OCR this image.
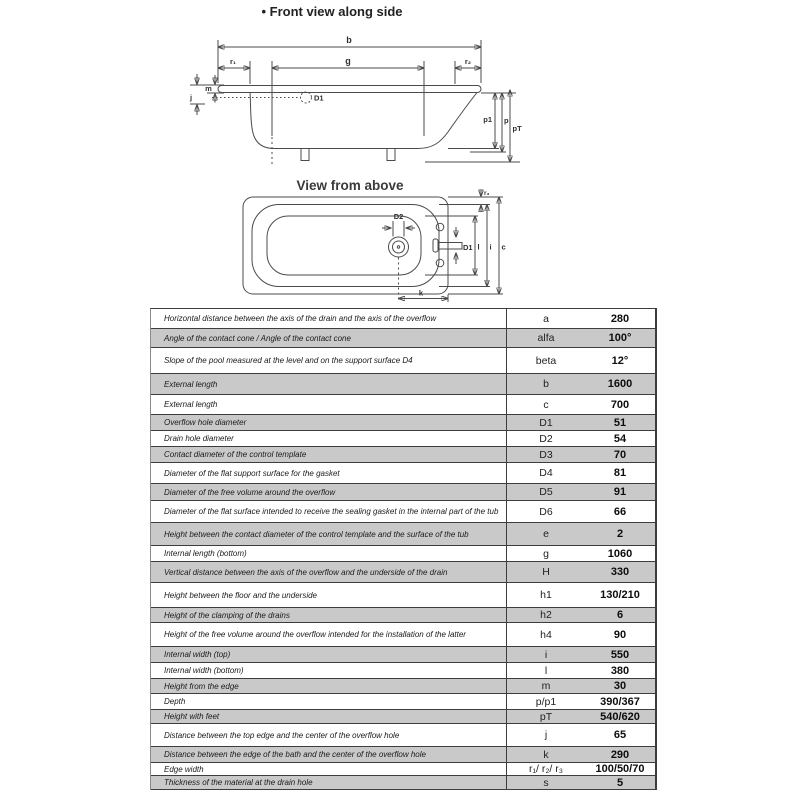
• Front view along side
View from above
b
r₁	g	r₂
j
m
D1
p1 p
pT
D2
D1 l i c
r₃
k
Horizontal distance between the axis of the drain and the axis of the overflow	a	280
Angle of the contact cone / Angle of the contact cone	alfa	100°
Slope of the pool measured at the level and on the support surface D4	beta	12°
External length	b	1600
External length	c	700
Overflow hole diameter	D1	51
Drain hole diameter	D2	54
Contact diameter of the control template	D3	70
Diameter of the flat support surface for the gasket	D4	81
Diameter of the free volume around the overflow	D5	91
Diameter of the flat surface intended to receive the sealing gasket in the internal part of the tub	D6	66
Height between the contact diameter of the control template and the surface of the tub	e	2
Internal length (bottom)	g	1060
Vertical distance between the axis of the overflow and the underside of the drain	H	330
Height between the floor and the underside	h1	130/210
Height of the clamping of the drains	h2	6
Height of the free volume around the overflow intended for the installation of the latter	h4	90
Internal width (top)	i	550
Internal width (bottom)	l	380
Height from the edge	m	30
Depth	p/p1	390/367
Height with feet	pT	540/620
Distance between the top edge and the center of the overflow hole	j	65
Distance between the edge of the bath and the center of the overflow hole	k	290
Edge width	r₁/ r₂/ r₃	100/50/70
Thickness of the material at the drain hole	s	5
